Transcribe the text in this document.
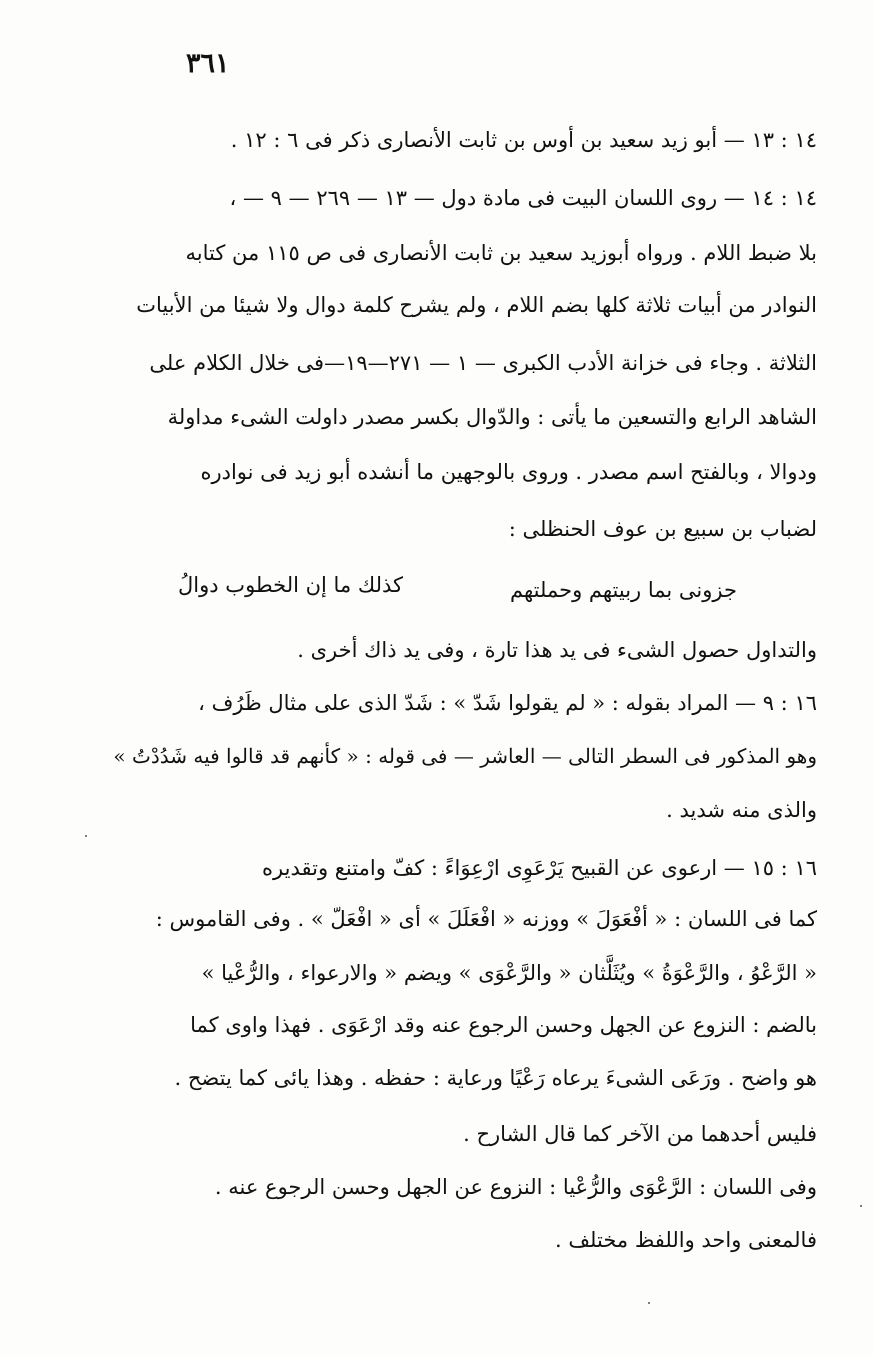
٣٦١
١٤ : ١٣ — أبو زيد سعيد بن أوس بن ثابت الأنصارى ذكر فى ٦ : ١٢ .
١٤ : ١٤ — روى اللسان البيت فى مادة دول — ١٣ — ٢٦٩ — ٩ — ،
بلا ضبط اللام . ورواه أبوزيد سعيد بن ثابت الأنصارى فى ص ١١٥ من كتابه
النوادر من أبيات ثلاثة كلها بضم اللام ، ولم يشرح كلمة دوال ولا شيئا من الأبيات
الثلاثة . وجاء فى خزانة الأدب الكبرى — ١ — ٢٧١—١٩—فى خلال الكلام على
الشاهد الرابع والتسعين ما يأتى : والدّوال بكسر مصدر داولت الشىء مداولة
ودوالا ، وبالفتح اسم مصدر . وروى بالوجهين ما أنشده أبو زيد فى نوادره
لضباب بن سبيع بن عوف الحنظلى :
جزونى بما ربيتهم وحملتهم
كذلك ما إن الخطوب دوالُ
والتداول حصول الشىء فى يد هذا تارة ، وفى يد ذاك أخرى .
١٦ : ٩ — المراد بقوله : « لم يقولوا شَدّ » : شَدّ الذى على مثال ظَرُف ،
وهو المذكور فى السطر التالى — العاشر — فى قوله : « كأنهم قد قالوا فيه شَدُدْتُ »
والذى منه شديد .
١٦ : ١٥ — ارعوى عن القبيح يَرْعَوِى ارْعِوَاءً : كفّ وامتنع وتقديره
كما فى اللسان : « أفْعَوَلَ » ووزنه « افْعَلَلَ » أى « افْعَلّ » . وفى القاموس :
« الرَّعْوُ ، والرَّعْوَةُ » ويُثَلَّثان « والرَّعْوَى » ويضم « والارعواء ، والرُّعْيا »
بالضم : النزوع عن الجهل وحسن الرجوع عنه وقد ارْعَوَى . فهذا واوى كما
هو واضح . ورَعَى الشىءَ يرعاه رَعْيًا ورعاية : حفظه . وهذا يائى كما يتضح .
فليس أحدهما من الآخر كما قال الشارح .
وفى اللسان : الرَّعْوَى والرُّعْيا : النزوع عن الجهل وحسن الرجوع عنه .
فالمعنى واحد واللفظ مختلف .
